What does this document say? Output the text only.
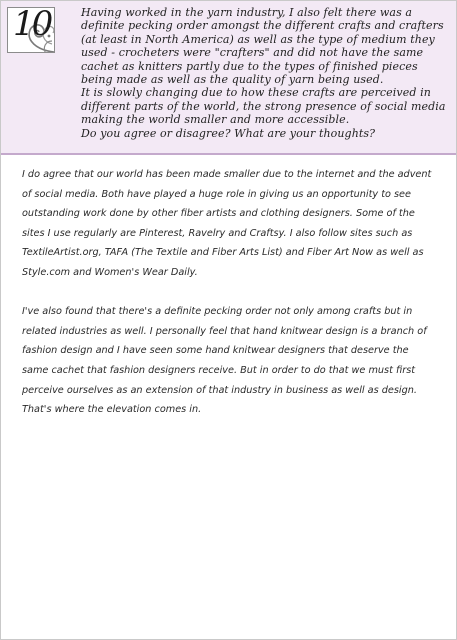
10	Having worked in the yarn industry, I also felt there was a definite pecking order amongst the different crafts and crafters (at least in North America) as well as the type of medium they used - crocheters were "crafters" and did not have the same cachet as knitters partly due to the types of finished pieces being made as well as the quality of yarn being used.

It is slowly changing due to how these crafts are perceived in different parts of the world, the strong presence of social media making the world smaller and more accessible.

Do you agree or disagree? What are your thoughts?

I do agree that our world has been made smaller due to the internet and the advent of social media. Both have played a huge role in giving us an opportunity to see outstanding work done by other fiber artists and clothing designers. Some of the sites I use regularly are Pinterest, Ravelry and Craftsy. I also follow sites such as TextileArtist.org, TAFA (The Textile and Fiber Arts List) and Fiber Art Now as well as Style.com and Women's Wear Daily.

I've also found that there's a definite pecking order not only among crafts but in related industries as well. I personally feel that hand knitwear design is a branch of fashion design and I have seen some hand knitwear designers that deserve the same cachet that fashion designers receive. But in order to do that we must first perceive ourselves as an extension of that industry in business as well as design. That's where the elevation comes in.
